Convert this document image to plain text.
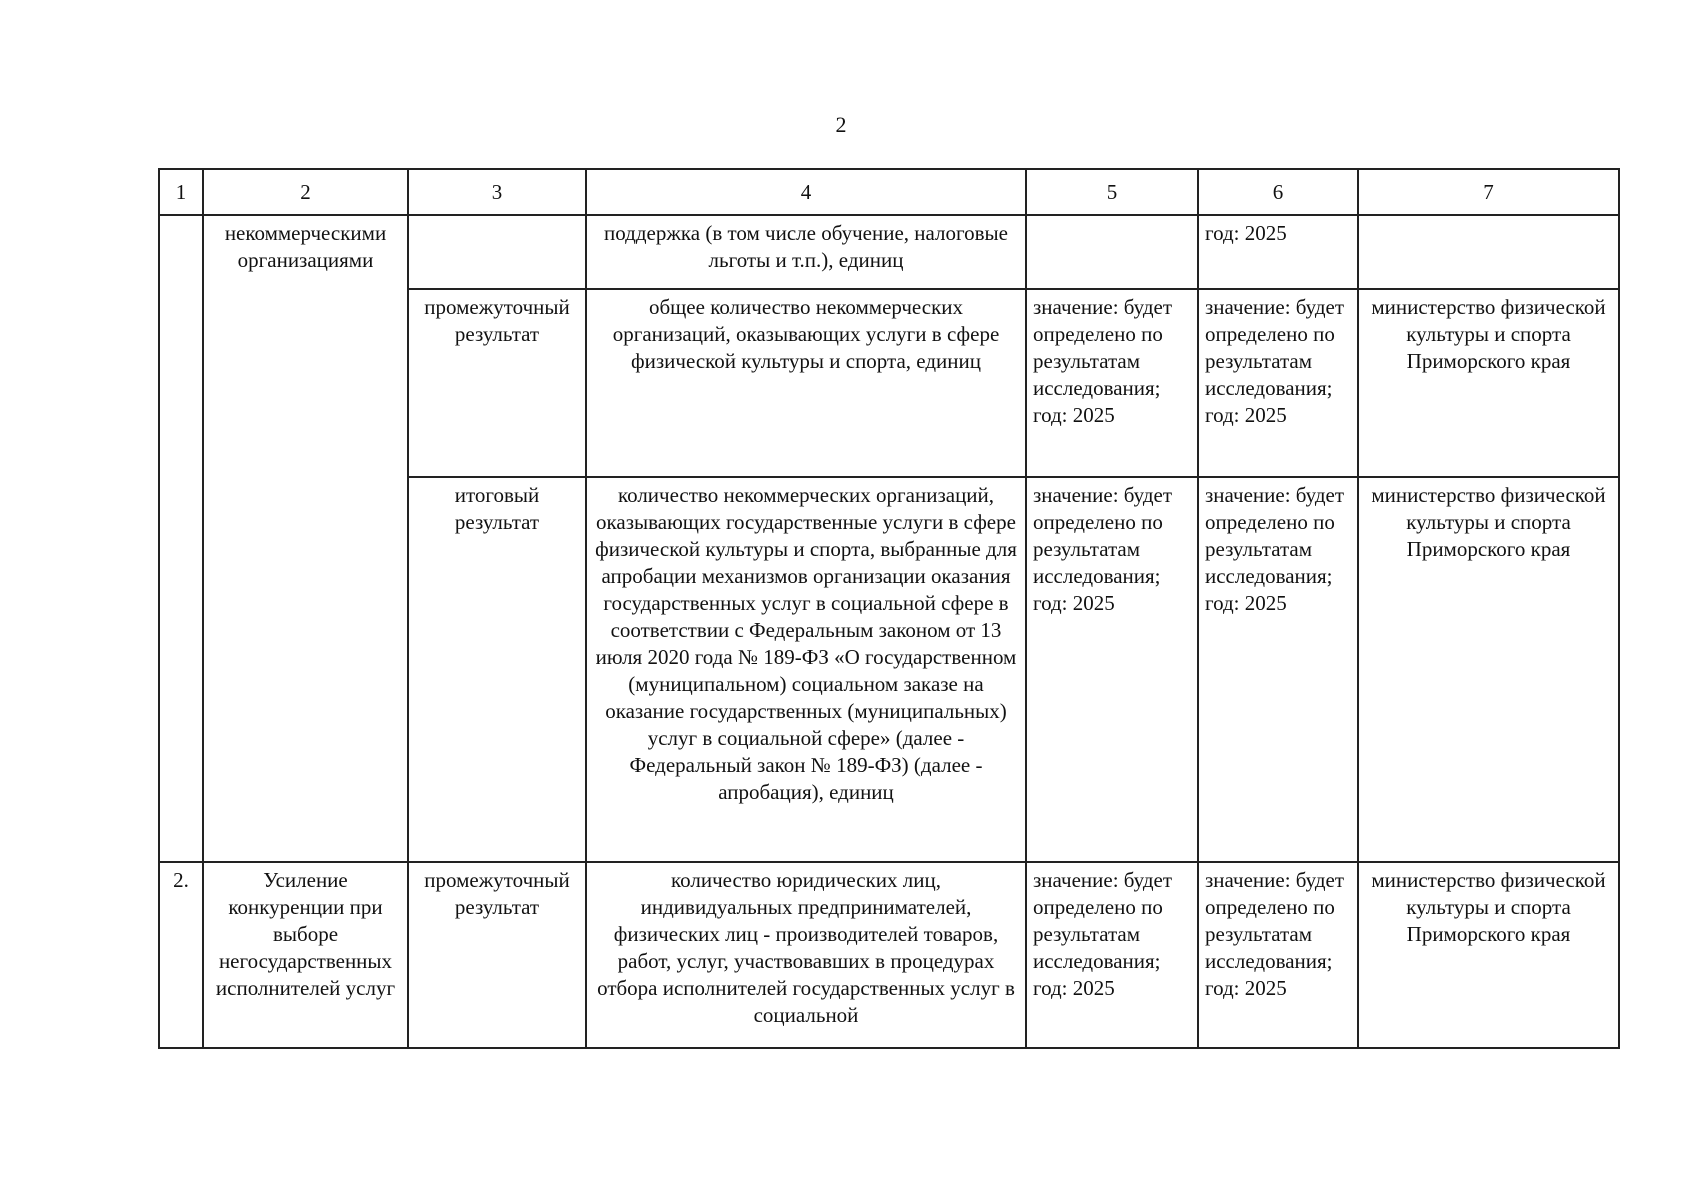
2
1	2	3	4	5	6	7
	некоммерческими организациями		поддержка (в том числе обучение, налоговые льготы и т.п.), единиц		год: 2025	
		промежуточный результат	общее количество некоммерческих организаций, оказывающих услуги в сфере физической культуры и спорта, единиц	значение: будет определено по результатам исследования; год: 2025	значение: будет определено по результатам исследования; год: 2025	министерство физической культуры и спорта Приморского края
		итоговый результат	количество некоммерческих организаций, оказывающих государственные услуги в сфере физической культуры и спорта, выбранные для апробации механизмов организации оказания государственных услуг в социальной сфере в соответствии с Федеральным законом от 13 июля 2020 года № 189-ФЗ «О государственном (муниципальном) социальном заказе на оказание государственных (муниципальных) услуг в социальной сфере» (далее - Федеральный закон № 189-ФЗ) (далее - апробация), единиц	значение: будет определено по результатам исследования; год: 2025	значение: будет определено по результатам исследования; год: 2025	министерство физической культуры и спорта Приморского края
2.	Усиление конкуренции при выборе негосударственных исполнителей услуг	промежуточный результат	количество юридических лиц, индивидуальных предпринимателей, физических лиц - производителей товаров, работ, услуг, участвовавших в процедурах отбора исполнителей государственных услуг в социальной	значение: будет определено по результатам исследования; год: 2025	значение: будет определено по результатам исследования; год: 2025	министерство физической культуры и спорта Приморского края
